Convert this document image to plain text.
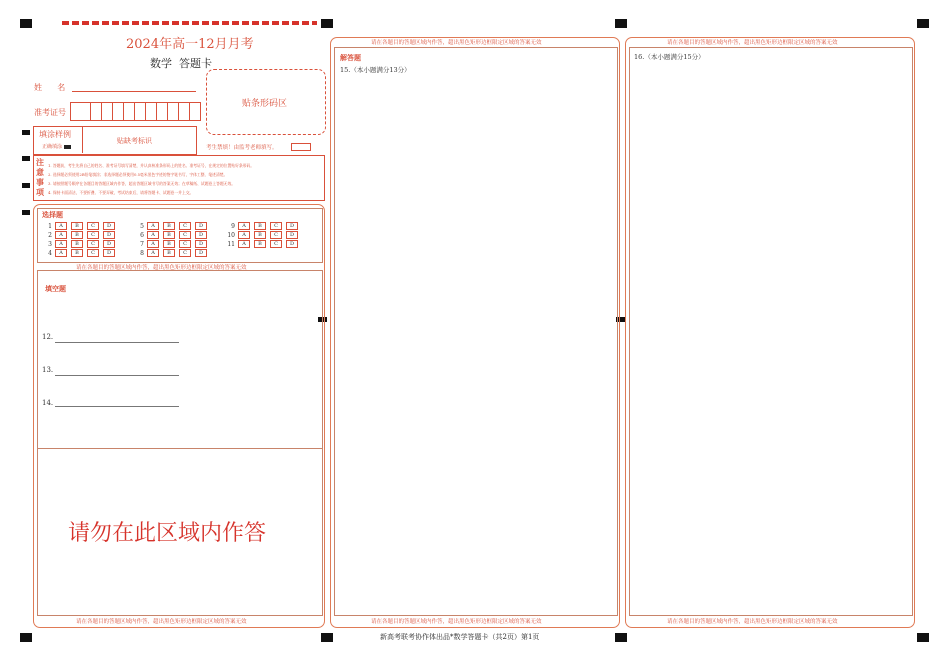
2024年高一12月月考
数学  答题卡
姓      名
准考证号
贴条形码区
填涂样例
正确填涂
贴缺考标识
考生禁填！由监考老师填写。
注
意
事
项
1. 答题前，考生先将自己的姓名、准考证号填写清楚，并认真核准条形码上的姓名、准考证号，在规定的位置贴好条形码。
2. 选择题必须使用2B铅笔填涂；非选择题必须使用0.5毫米黑色字迹的签字笔书写，字体工整、笔迹清楚。
3. 请按照题号顺序在各题目的答题区域内作答，超出答题区域书写的答案无效；在草稿纸、试题卷上答题无效。
4. 保持卡面清洁，不要折叠、不要弄破，考试结束后，请将答题卡、试题卷一并上交。
选择题
1 A B C D
2 A B C D
3 A B C D
4 A B C D
5 A B C D
6 A B C D
7 A B C D
8 A B C D
9 A B C D
10 A B C D
11 A B C D
请在各题目的答题区域内作答，超出黑色矩形边框限定区域的答案无效
填空题
12.
13.
14.
请勿在此区域内作答
请在各题目的答题区域内作答，超出黑色矩形边框限定区域的答案无效
请在各题目的答题区域内作答，超出黑色矩形边框限定区域的答案无效
解答题
15.（本小题满分13分）
请在各题目的答题区域内作答，超出黑色矩形边框限定区域的答案无效
请在各题目的答题区域内作答，超出黑色矩形边框限定区域的答案无效
16.（本小题满分15分）
请在各题目的答题区域内作答，超出黑色矩形边框限定区域的答案无效
新高考联考协作体出品*数学答题卡（共2页）第1页
